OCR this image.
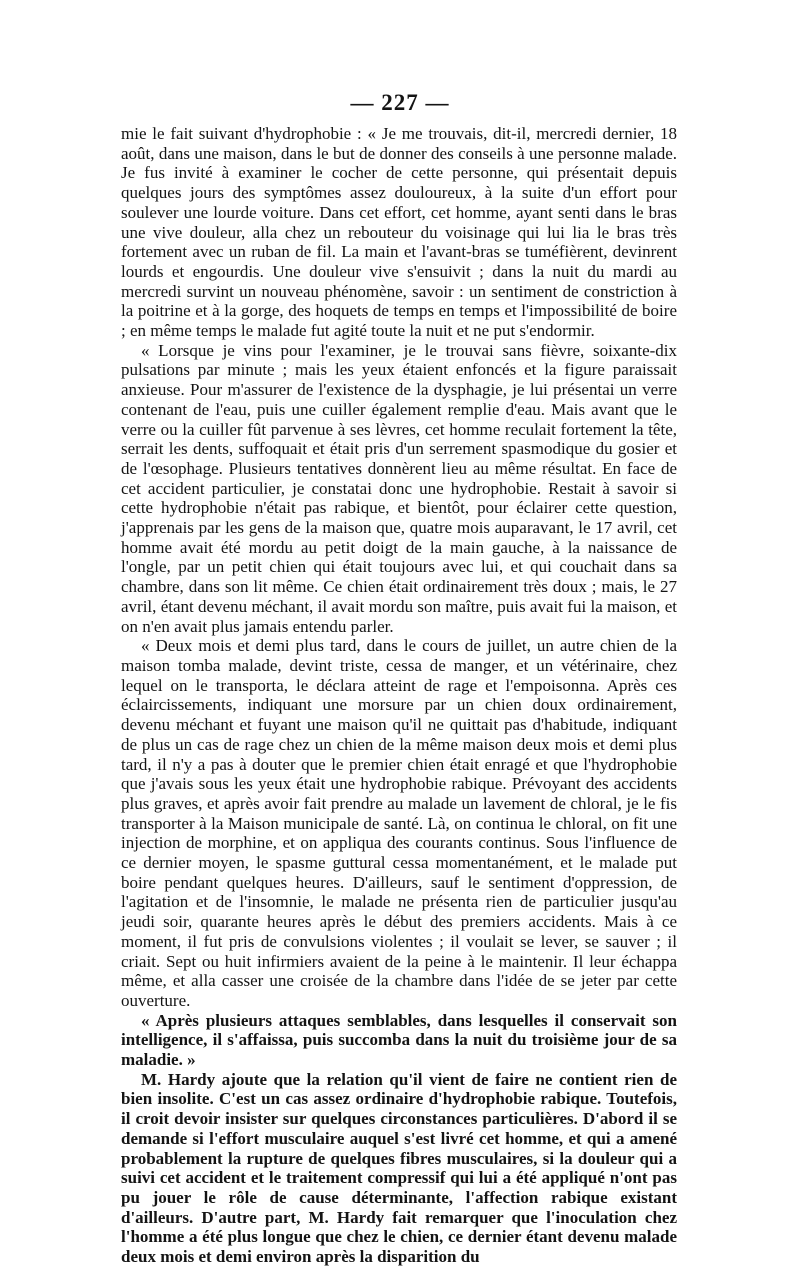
— 227 —

mie le fait suivant d'hydrophobie : « Je me trouvais, dit-il, mercredi dernier, 18 août, dans une maison, dans le but de donner des conseils à une personne malade. Je fus invité à examiner le cocher de cette personne, qui présentait depuis quelques jours des symptômes assez douloureux, à la suite d'un effort pour soulever une lourde voiture. Dans cet effort, cet homme, ayant senti dans le bras une vive douleur, alla chez un rebouteur du voisinage qui lui lia le bras très fortement avec un ruban de fil. La main et l'avant-bras se tuméfièrent, devinrent lourds et engourdis. Une douleur vive s'ensuivit ; dans la nuit du mardi au mercredi survint un nouveau phénomène, savoir : un sentiment de constriction à la poitrine et à la gorge, des hoquets de temps en temps et l'impossibilité de boire ; en même temps le malade fut agité toute la nuit et ne put s'endormir.

« Lorsque je vins pour l'examiner, je le trouvai sans fièvre, soixante-dix pulsations par minute ; mais les yeux étaient enfoncés et la figure paraissait anxieuse. Pour m'assurer de l'existence de la dysphagie, je lui présentai un verre contenant de l'eau, puis une cuiller également remplie d'eau. Mais avant que le verre ou la cuiller fût parvenue à ses lèvres, cet homme reculait fortement la tête, serrait les dents, suffoquait et était pris d'un serrement spasmodique du gosier et de l'œsophage. Plusieurs tentatives donnèrent lieu au même résultat. En face de cet accident particulier, je constatai donc une hydrophobie. Restait à savoir si cette hydrophobie n'était pas rabique, et bientôt, pour éclairer cette question, j'apprenais par les gens de la maison que, quatre mois auparavant, le 17 avril, cet homme avait été mordu au petit doigt de la main gauche, à la naissance de l'ongle, par un petit chien qui était toujours avec lui, et qui couchait dans sa chambre, dans son lit même. Ce chien était ordinairement très doux ; mais, le 27 avril, étant devenu méchant, il avait mordu son maître, puis avait fui la maison, et on n'en avait plus jamais entendu parler.

« Deux mois et demi plus tard, dans le cours de juillet, un autre chien de la maison tomba malade, devint triste, cessa de manger, et un vétérinaire, chez lequel on le transporta, le déclara atteint de rage et l'empoisonna. Après ces éclaircissements, indiquant une morsure par un chien doux ordinairement, devenu méchant et fuyant une maison qu'il ne quittait pas d'habitude, indiquant de plus un cas de rage chez un chien de la même maison deux mois et demi plus tard, il n'y a pas à douter que le premier chien était enragé et que l'hydrophobie que j'avais sous les yeux était une hydrophobie rabique. Prévoyant des accidents plus graves, et après avoir fait prendre au malade un lavement de chloral, je le fis transporter à la Maison municipale de santé. Là, on continua le chloral, on fit une injection de morphine, et on appliqua des courants continus. Sous l'influence de ce dernier moyen, le spasme guttural cessa momentanément, et le malade put boire pendant quelques heures. D'ailleurs, sauf le sentiment d'oppression, de l'agitation et de l'insomnie, le malade ne présenta rien de particulier jusqu'au jeudi soir, quarante heures après le début des premiers accidents. Mais à ce moment, il fut pris de convulsions violentes ; il voulait se lever, se sauver ; il criait. Sept ou huit infirmiers avaient de la peine à le maintenir. Il leur échappa même, et alla casser une croisée de la chambre dans l'idée de se jeter par cette ouverture.

« Après plusieurs attaques semblables, dans lesquelles il conservait son intelligence, il s'affaissa, puis succomba dans la nuit du troisième jour de sa maladie. »

M. Hardy ajoute que la relation qu'il vient de faire ne contient rien de bien insolite. C'est un cas assez ordinaire d'hydrophobie rabique. Toutefois, il croit devoir insister sur quelques circonstances particulières. D'abord il se demande si l'effort musculaire auquel s'est livré cet homme, et qui a amené probablement la rupture de quelques fibres musculaires, si la douleur qui a suivi cet accident et le traitement compressif qui lui a été appliqué n'ont pas pu jouer le rôle de cause déterminante, l'affection rabique existant d'ailleurs. D'autre part, M. Hardy fait remarquer que l'inoculation chez l'homme a été plus longue que chez le chien, ce dernier étant devenu malade deux mois et demi environ après la disparition du
